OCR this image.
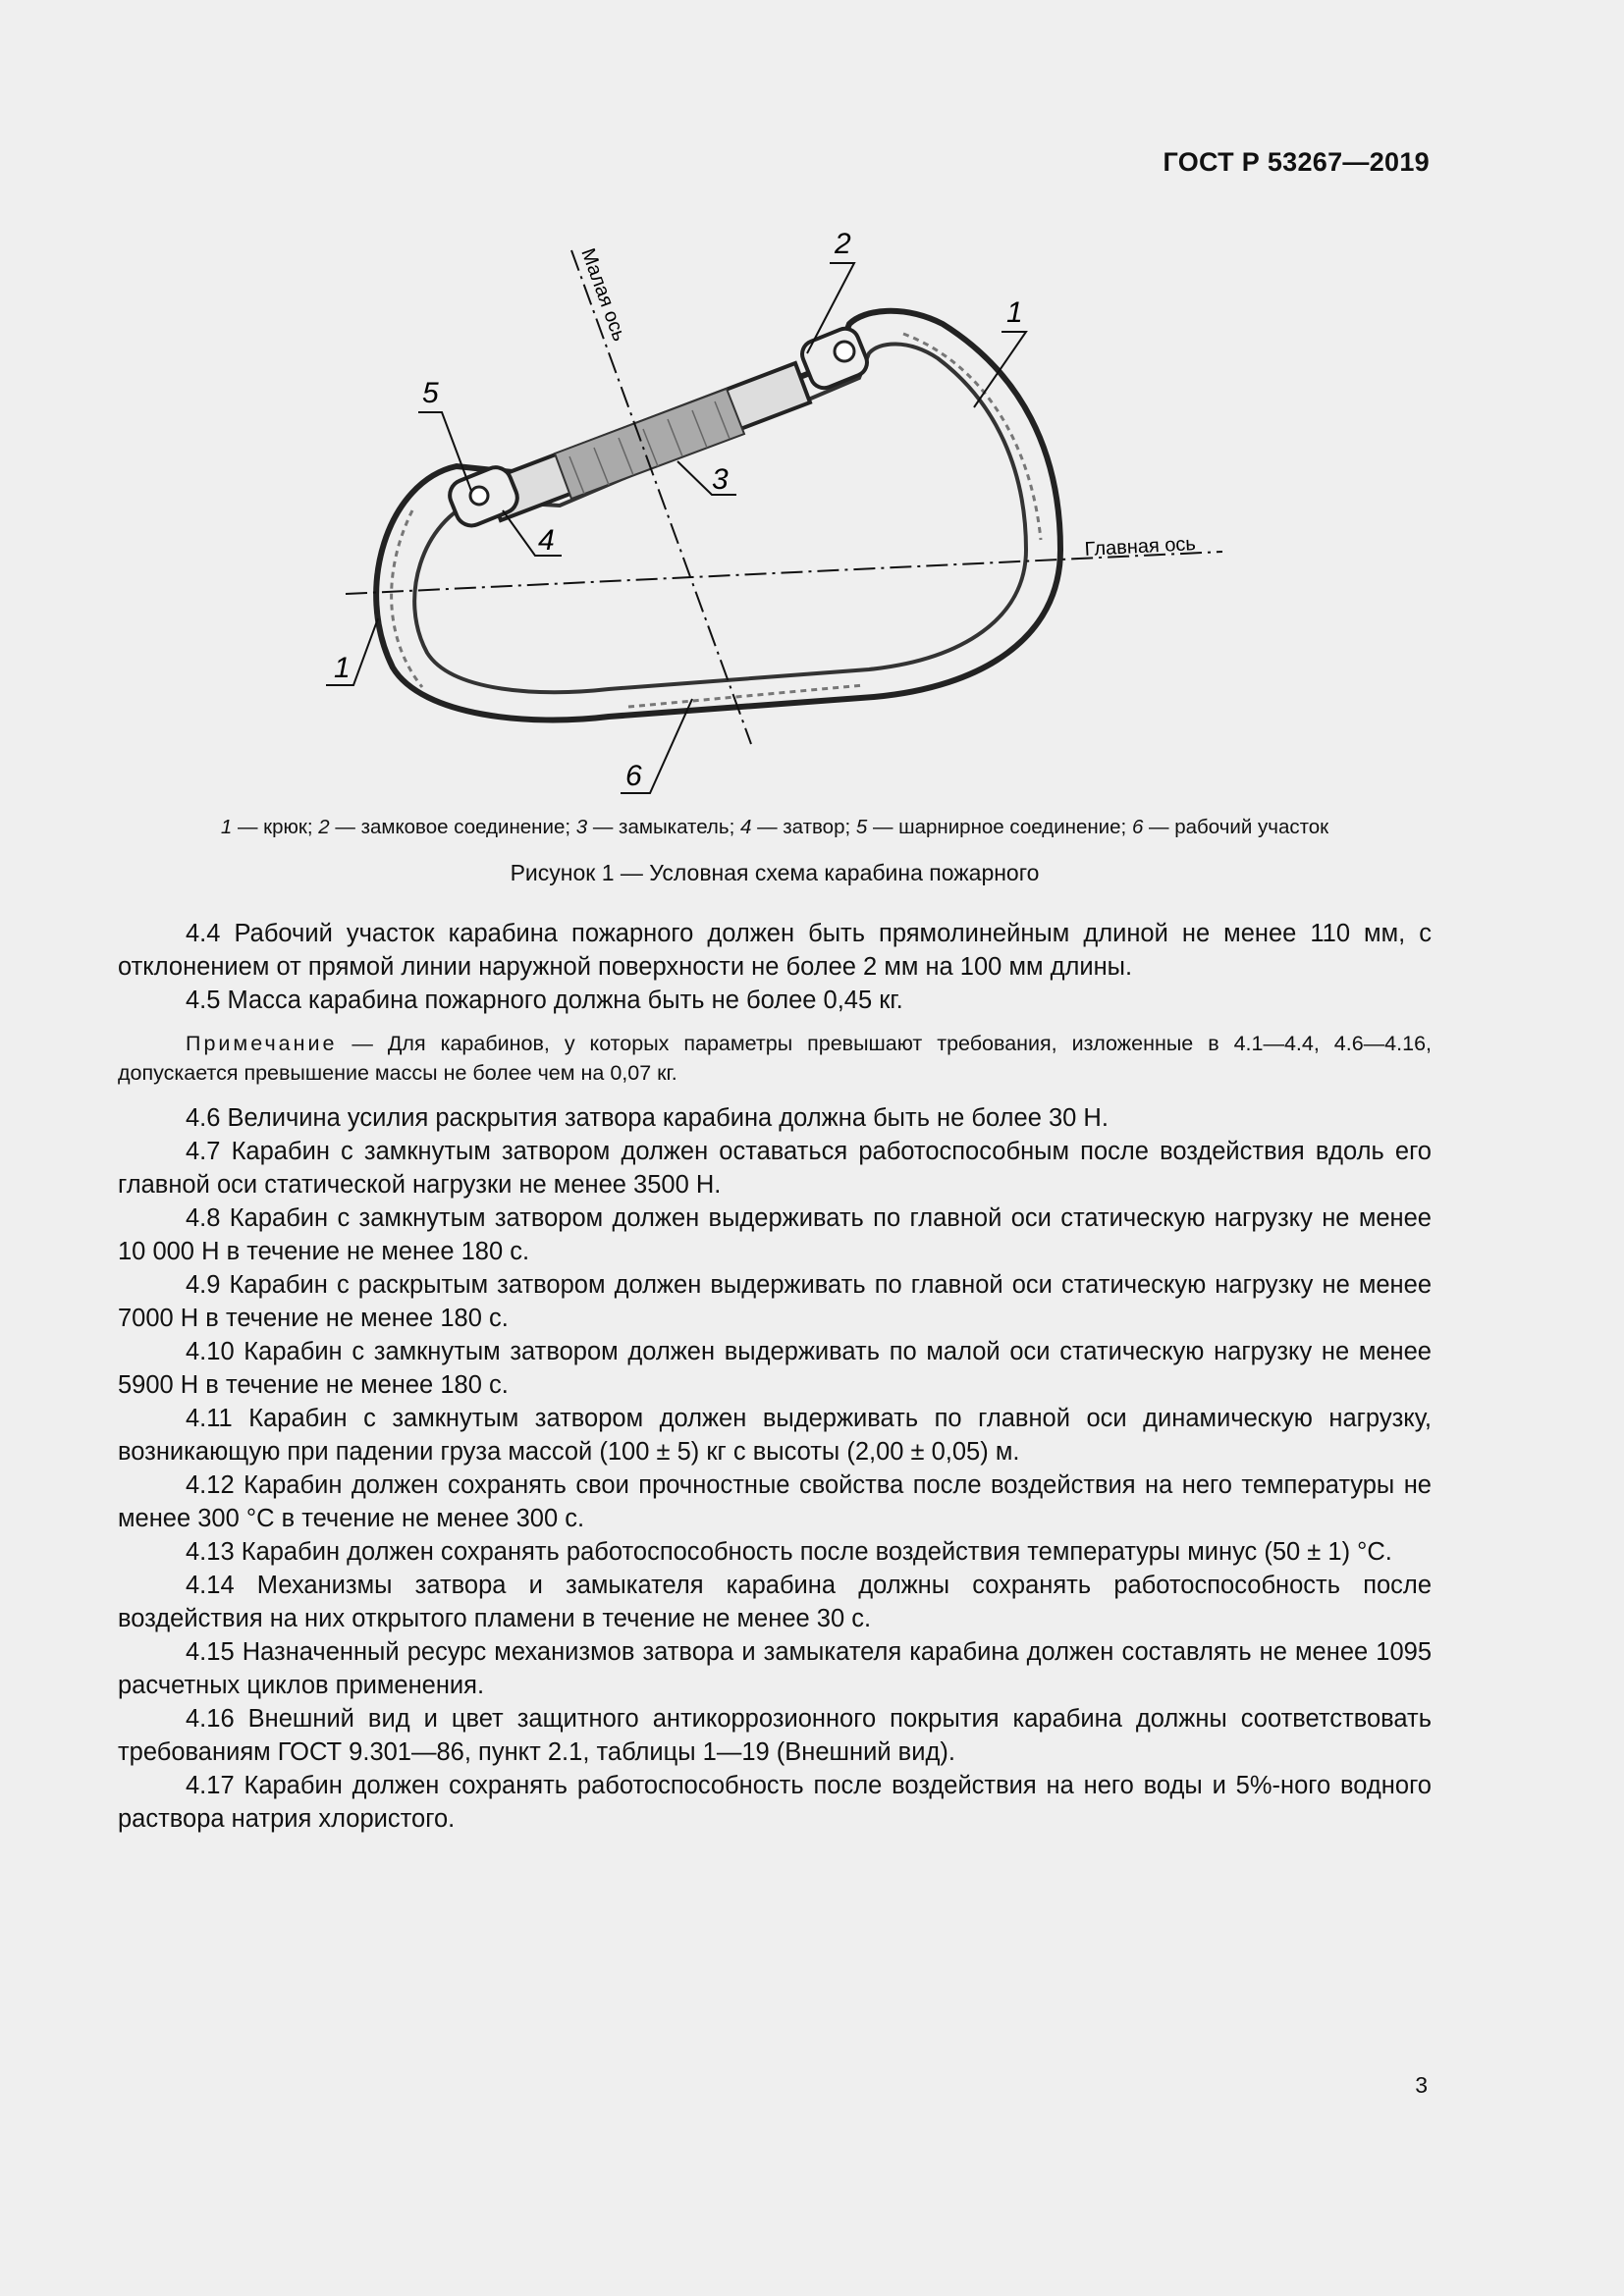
ГОСТ Р 53267—2019
Малая ось
Главная ось
2
1
5
3
4
1
6
1 — крюк; 2 — замковое соединение; 3 — замыкатель; 4 — затвор; 5 — шарнирное соединение; 6 — рабочий участок
Рисунок 1 — Условная схема карабина пожарного

4.4 Рабочий участок карабина пожарного должен быть прямолинейным длиной не менее 110 мм, с отклонением от прямой линии наружной поверхности не более 2 мм на 100 мм длины.

4.5 Масса карабина пожарного должна быть не более 0,45 кг.

Примечание — Для карабинов, у которых параметры превышают требования, изложенные в 4.1—4.4, 4.6—4.16, допускается превышение массы не более чем на 0,07 кг.

4.6 Величина усилия раскрытия затвора карабина должна быть не более 30 Н.

4.7 Карабин с замкнутым затвором должен оставаться работоспособным после воздействия вдоль его главной оси статической нагрузки не менее 3500 Н.

4.8 Карабин с замкнутым затвором должен выдерживать по главной оси статическую нагрузку не менее 10 000 Н в течение не менее 180 с.

4.9 Карабин с раскрытым затвором должен выдерживать по главной оси статическую нагрузку не менее 7000 Н в течение не менее 180 с.

4.10 Карабин с замкнутым затвором должен выдерживать по малой оси статическую нагрузку не менее 5900 Н в течение не менее 180 с.

4.11 Карабин с замкнутым затвором должен выдерживать по главной оси динамическую нагрузку, возникающую при падении груза массой (100 ± 5) кг с высоты (2,00 ± 0,05) м.

4.12 Карабин должен сохранять свои прочностные свойства после воздействия на него температуры не менее 300 °С в течение не менее 300 с.

4.13 Карабин должен сохранять работоспособность после воздействия температуры минус (50 ± 1) °С.

4.14 Механизмы затвора и замыкателя карабина должны сохранять работоспособность после воздействия на них открытого пламени в течение не менее 30 с.

4.15 Назначенный ресурс механизмов затвора и замыкателя карабина должен составлять не менее 1095 расчетных циклов применения.

4.16 Внешний вид и цвет защитного антикоррозионного покрытия карабина должны соответствовать требованиям ГОСТ 9.301—86, пункт 2.1, таблицы 1—19 (Внешний вид).

4.17 Карабин должен сохранять работоспособность после воздействия на него воды и 5%-ного водного раствора натрия хлористого.

3
